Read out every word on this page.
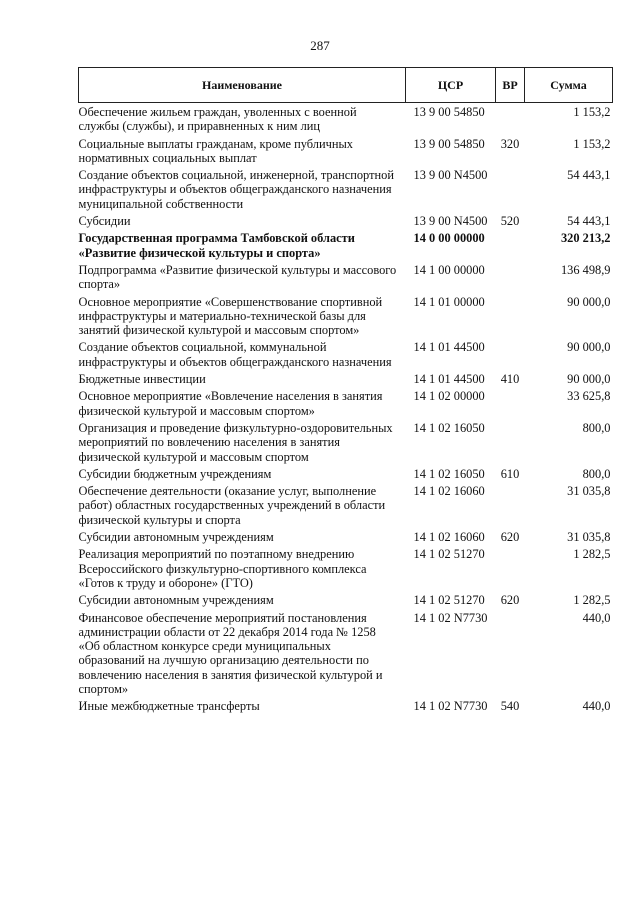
287
Наименование	ЦСР	ВР	Сумма
Обеспечение жильем граждан, уволенных с военной службы (службы), и приравненных к ним лиц	13 9 00 54850		1 153,2
Социальные выплаты гражданам, кроме публичных нормативных социальных выплат	13 9 00 54850	320	1 153,2
Создание объектов социальной, инженерной, транспортной инфраструктуры и объектов общегражданского назначения муниципальной собственности	13 9 00 N4500		54 443,1
Субсидии	13 9 00 N4500	520	54 443,1
Государственная программа Тамбовской области «Развитие физической культуры и спорта»	14 0 00 00000		320 213,2
Подпрограмма «Развитие физической культуры и массового спорта»	14 1 00 00000		136 498,9
Основное мероприятие «Совершенствование спортивной инфраструктуры и материально-технической базы для занятий физической культурой и массовым спортом»	14 1 01 00000		90 000,0
Создание объектов социальной, коммунальной инфраструктуры и объектов общегражданского назначения	14 1 01 44500		90 000,0
Бюджетные инвестиции	14 1 01 44500	410	90 000,0
Основное мероприятие «Вовлечение населения в занятия физической культурой и массовым спортом»	14 1 02 00000		33 625,8
Организация и проведение физкультурно-оздоровительных мероприятий по вовлечению населения в занятия физической культурой и массовым спортом	14 1 02 16050		800,0
Субсидии бюджетным учреждениям	14 1 02 16050	610	800,0
Обеспечение деятельности (оказание услуг, выполнение работ) областных государственных учреждений в области физической культуры и спорта	14 1 02 16060		31 035,8
Субсидии автономным учреждениям	14 1 02 16060	620	31 035,8
Реализация мероприятий по поэтапному внедрению Всероссийского физкультурно-спортивного комплекса «Готов к труду и обороне» (ГТО)	14 1 02 51270		1 282,5
Субсидии автономным учреждениям	14 1 02 51270	620	1 282,5
Финансовое обеспечение мероприятий постановления администрации области от 22 декабря 2014 года № 1258 «Об областном конкурсе среди муниципальных образований на лучшую организацию деятельности по вовлечению населения в занятия физической культурой и спортом»	14 1 02 N7730		440,0
Иные межбюджетные трансферты	14 1 02 N7730	540	440,0
